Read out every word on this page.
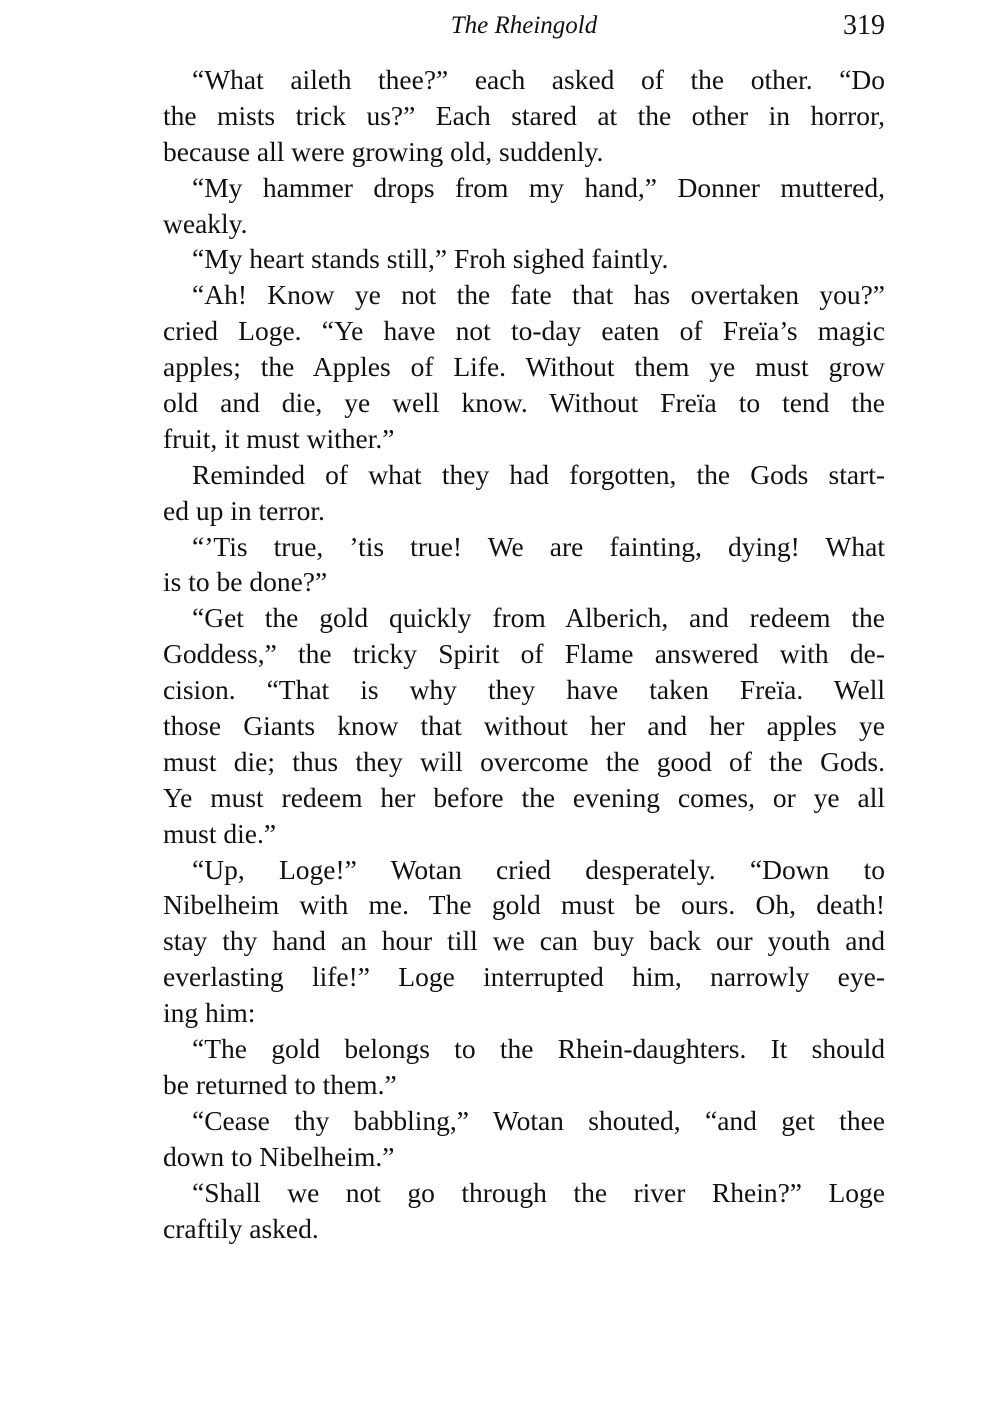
The Rheingold	319
“What aileth thee?” each asked of the other. “Do
the mists trick us?” Each stared at the other in horror,
because all were growing old, suddenly.
“My hammer drops from my hand,” Donner muttered,
weakly.
“My heart stands still,” Froh sighed faintly.
“Ah! Know ye not the fate that has overtaken you?”
cried Loge. “Ye have not to-day eaten of Freïa’s magic
apples; the Apples of Life. Without them ye must grow
old and die, ye well know. Without Freïa to tend the
fruit, it must wither.”
Reminded of what they had forgotten, the Gods start-
ed up in terror.
“’Tis true, ’tis true! We are fainting, dying! What
is to be done?”
“Get the gold quickly from Alberich, and redeem the
Goddess,” the tricky Spirit of Flame answered with de-
cision. “That is why they have taken Freïa. Well
those Giants know that without her and her apples ye
must die; thus they will overcome the good of the Gods.
Ye must redeem her before the evening comes, or ye all
must die.”
“Up, Loge!” Wotan cried desperately. “Down to
Nibelheim with me. The gold must be ours. Oh, death!
stay thy hand an hour till we can buy back our youth and
everlasting life!” Loge interrupted him, narrowly eye-
ing him:
“The gold belongs to the Rhein-daughters. It should
be returned to them.”
“Cease thy babbling,” Wotan shouted, “and get thee
down to Nibelheim.”
“Shall we not go through the river Rhein?” Loge
craftily asked.
